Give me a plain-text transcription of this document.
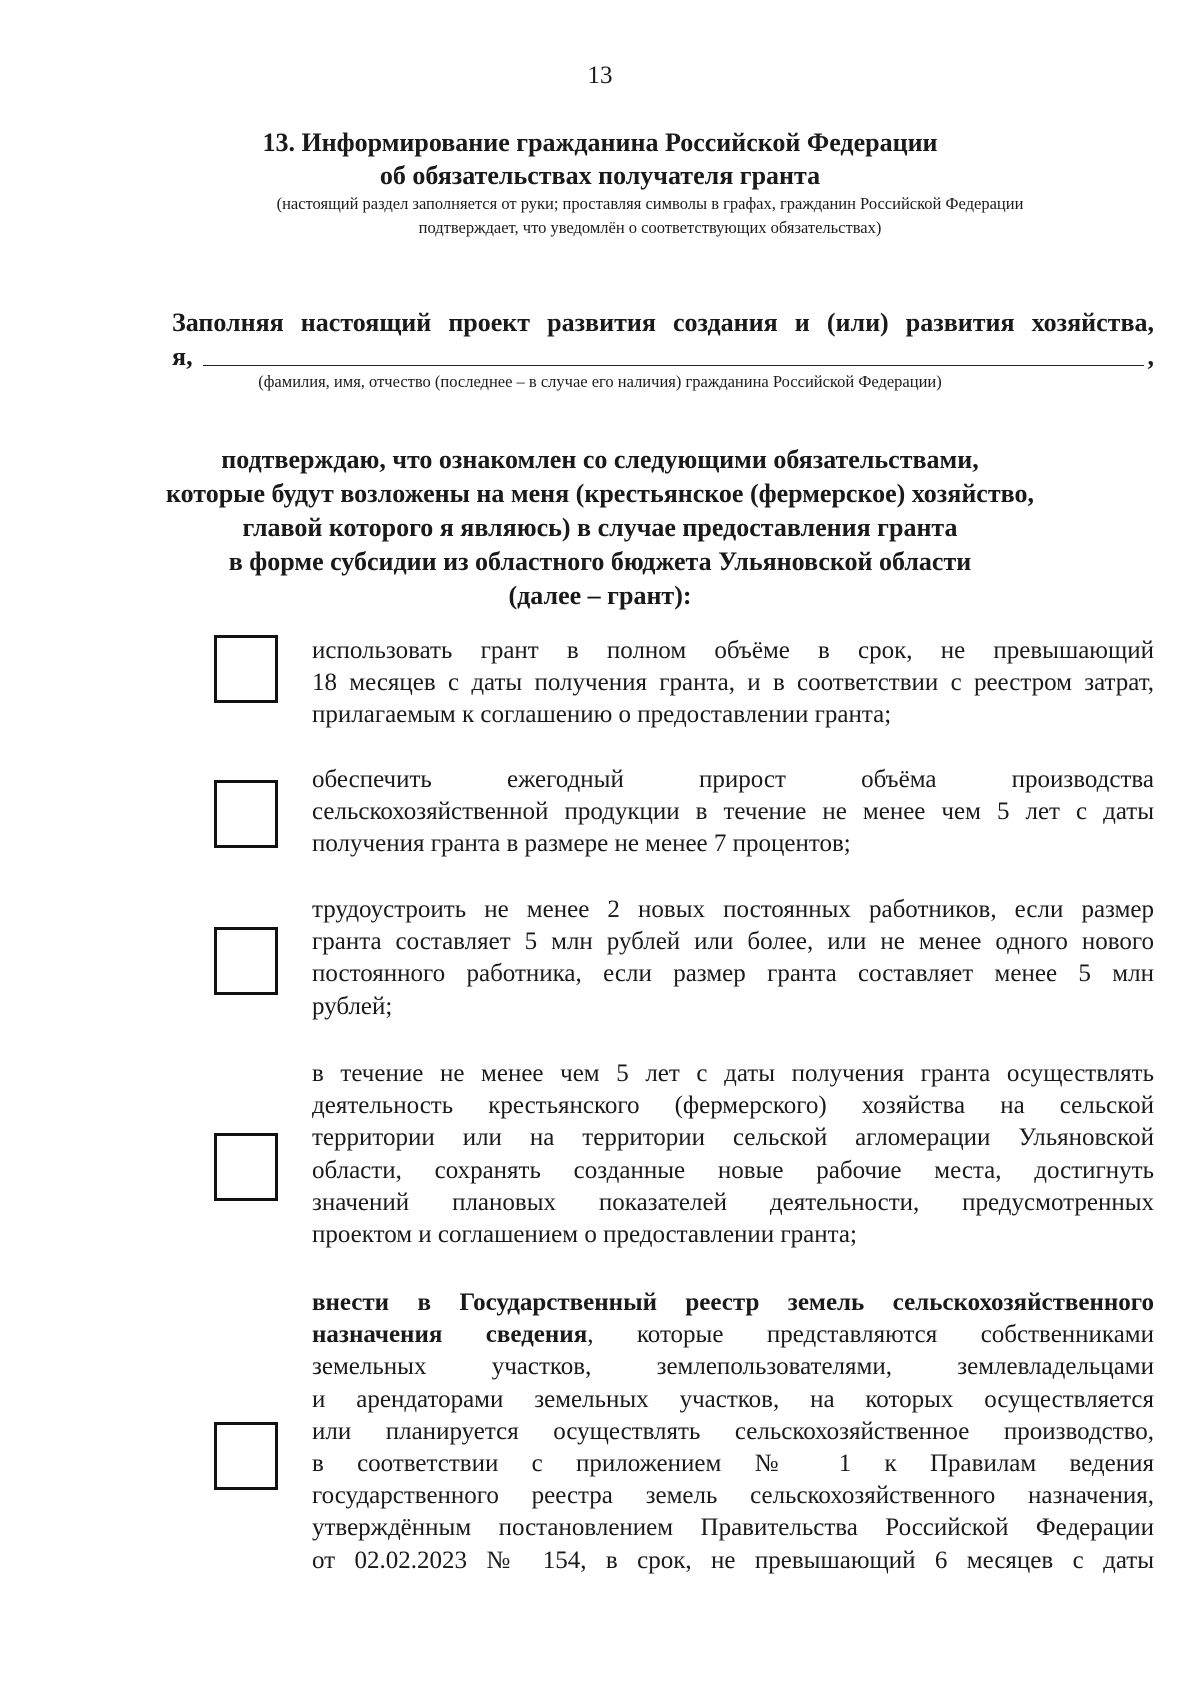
13
13. Информирование гражданина Российской Федерации
об обязательствах получателя гранта
(настоящий раздел заполняется от руки; проставляя символы в графах, гражданин Российской Федерации
подтверждает, что уведомлён о соответствующих обязательствах)
Заполняя настоящий проект развития создания и (или) развития хозяйства,
я,	,
(фамилия, имя, отчество (последнее – в случае его наличия) гражданина Российской Федерации)
подтверждаю, что ознакомлен со следующими обязательствами,
которые будут возложены на меня (крестьянское (фермерское) хозяйство,
главой которого я являюсь) в случае предоставления гранта
в форме субсидии из областного бюджета Ульяновской области
(далее – грант):
использовать грант в полном объёме в срок, не превышающий
18 месяцев с даты получения гранта, и в соответствии с реестром затрат,
прилагаемым к соглашению о предоставлении гранта;
обеспечить ежегодный прирост объёма производства
сельскохозяйственной продукции в течение не менее чем 5 лет с даты
получения гранта в размере не менее 7 процентов;
трудоустроить не менее 2 новых постоянных работников, если размер
гранта составляет 5 млн рублей или более, или не менее одного нового
постоянного работника, если размер гранта составляет менее 5 млн
рублей;
в течение не менее чем 5 лет с даты получения гранта осуществлять
деятельность крестьянского (фермерского) хозяйства на сельской
территории или на территории сельской агломерации Ульяновской
области, сохранять созданные новые рабочие места, достигнуть
значений плановых показателей деятельности, предусмотренных
проектом и соглашением о предоставлении гранта;
внести в Государственный реестр земель сельскохозяйственного
назначения сведения, которые представляются собственниками
земельных участков, землепользователями, землевладельцами
и арендаторами земельных участков, на которых осуществляется
или планируется осуществлять сельскохозяйственное производство,
в соответствии с приложением № 1 к Правилам ведения
государственного реестра земель сельскохозяйственного назначения,
утверждённым постановлением Правительства Российской Федерации
от 02.02.2023 № 154, в срок, не превышающий 6 месяцев с даты
